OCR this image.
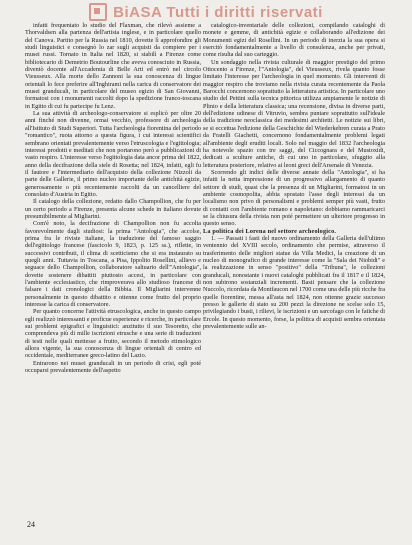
BiASA Tutti i diritti riservati

infatti frequentato lo studio del Flaxman, che rilevò assieme a Thorvaldsen alla partenza dell'artista inglese, e in particolare quello del Canova. Partito per la Russia nel 1810, dovette lì approfondire gli studi linguistici e consegnò lo zar sugli acquisti da compiere per i musei russi. Tornato in Italia nel 1820, si stabilì a Firenze come bibliotecario di Demetrio Boutourline che aveva conosciuto in Russia, diventò docente all'Accademia di Belle Arti ed entrò nel circolo Vieusseux. Alla morte dello Zannoni la sua conoscenza di lingue orientali lo fece preferire all'Inghirami nella carica di conservatore dei musei granducali, in particolare del museo egizio di San Giovanni, formatosi con i monumenti raccolti dopo la spedizione franco-toscana in Egitto di cui fu partecipe fu Lenz.

La sua attività di archeologo-conservatore si esplicò per oltre 20 anni finché non divenne, ormai vecchio, professore di archeologia all'Istituto di Studi Superiori. Tutta l'archeologia fiorentina del periodo "romantico", ruota attorno a questa figura, i cui interessi scientifici sembrano orientati prevalentemente verso l'etruscologia e l'egittologia; interessi prodotti e meditati che non portarono però a pubblicazioni di vasto respiro. L'interesse verso l'egittologia data ancor prima del 1822, anno della decifrazione della stele di Rosetta; nel 1824, infatti, egli fu il fautore e l'intermediario dell'acquisto della collezione Nizzoli da parte delle Gallerie, il primo nucleo importante delle antichità egizie, generosamente o più recentemente raccolti da un cancelliere del consolato d'Austria in Egitto.

Il catalogo della collezione, redatto dallo Champollion, che fu per un certo periodo a Firenze, presenta alcune schede in italiano dovute presumibilmente al Migliarini.

Com'è noto, la decifrazione di Champollion non fu accolta favorevolmente dagli studiosi: la prima "Antologia", che accolse, prima fra le riviste italiane, la traduzione del famoso saggio dell'egittologo francese (fascicolo 9, 1823, p. 125 ss.), riflette, in successivi contributi, il clima di scetticismo che si era instaurato su quegli anni. Tuttavia in Toscana, a Pisa, Ippolito Rosellini, allievo e seguace dello Champollion, collaboratore saltuario dell'"Antologia", dovette sostenere dibattiti piuttosto accesi, in particolare con l'ambiente ecclesiastico, che rimproverava allo studioso francese di falsare i dati cronologici della Bibbia. Il Migliarini intervenne personalmente in questo dibattito e ottenne come frutto del proprio interesse la carica di conservatore.

Per quanto concerne l'attività etruscologica, anche in questo campo egli realizzò interessanti e proficue esperienze e ricerche, in particolare sui problemi epigrafici e linguistici: anzitutto il suo Tesoretto, che comprendeva più di mille iscrizioni etrusche e una serie di traduzioni di testi nelle quali mettesse a frutto, secondo il metodo etimologico allora vigente, la sua conoscenza di lingue orientali di centro ed occidentale, mediterranee greco-latino del Lazio.

Entrarono nei musei granducali in un periodo di crisi, egli poté occuparsi prevalentemente dell'aspetto

catalogico-inventariale delle collezioni, compilando cataloghi di monete e gemme, di antichità egizie e collaborando all'edizione dei Monumenti egizi del Rosellini. In un periodo di inerzia la sua opera si esercitò fondamentalmente a livello di consulenza, anche per privati, come risulta dal suo carteggio.

Un sondaggio nella rivista culturale di maggior prestigio del primo Ottocento a Firenze, l'"Antologia", del Vieusseux, rivela quanto fosse limitato l'interesse per l'archeologia in quel momento. Gli interventi di maggior respiro che troviamo nella rivista curata recentemente da Paola Barocchi concernono soprattutto la letteratura artistica. In particolare uno studio del Pettini sulla tecnica pittorica utilizza ampiamente le notizie di Plinio e della letteratura classica; una recensione, divisa in diverse parti, dell'edizione udinese di Vitruvio, sembra puntare soprattutto sull'ideale della tradizione neoclassica dei medesimi architetti. Le notizie sui libri, se si eccettua l'edizione della Geschichte del Wiederkehren curata a Prato da Fratelli Giachetti, concernono fondamentalmente problemi legati all'ambiente degli eruditi locali. Solo nel maggio del 1832 l'archeologia ha notevole spazio con tre saggi, del Ciccognara e del Mustoxidi, dedicati a sculture antiche, di cui uno in particolare, sfuggito alla letteratura posteriore, relativo ai leoni greci dell'Arsenale di Venezia.

Scorrendo gli indici delle diverse annate della "Antologia", si ha infatti la netta impressione di un progressivo allargamento di quanto settore di studi, quasi che la presenza di un Migliarini, formatosi in un ambiente cosmopolita, abbia spostato l'asse degli interessi da un localismo non privo di personalismi e problemi semper più vasti, frutto di contatti con l'ambiente romano e napoletano: dobbiamo rammaricarci se la chiusura della rivista non poté permettere un ulteriore progresso in questo senso.

La politica dei Lorena nel settore archeologico.

1. — Passati i fasti del nuovo ordinamento della Galleria dell'ultimo ventennio del XVIII secolo, ordinamento che permise, attraverso il trasferimento delle migliori statue da Villa Medici, la creazione di un nucleo di monografico di grande interesse come la "Sala dei Niobidi" e la realizzazione in senso "positivo" della "Tribuna", le collezioni granducali, nonostante i nuovi cataloghi pubblicati fra il 1817 e il 1824, non subirono sostanziali incrementi. Basti pensare che la collezione Nuccolo, ricordata da Montfaucon nel 1700 come una delle più ricche fra quelle fiorentine, messa all'asta nel 1824, non ottenne grazie successo presso le gallerie di stato su 200 pezzi la direzione ne scelse solo 15, privilegiando i busti, i rilievi, le iscrizioni e un sarcofago con le fatiche di Ercole. In questo momento, forse, la politica di acquisti sembra orientata prevalentemente sulle an-

24
